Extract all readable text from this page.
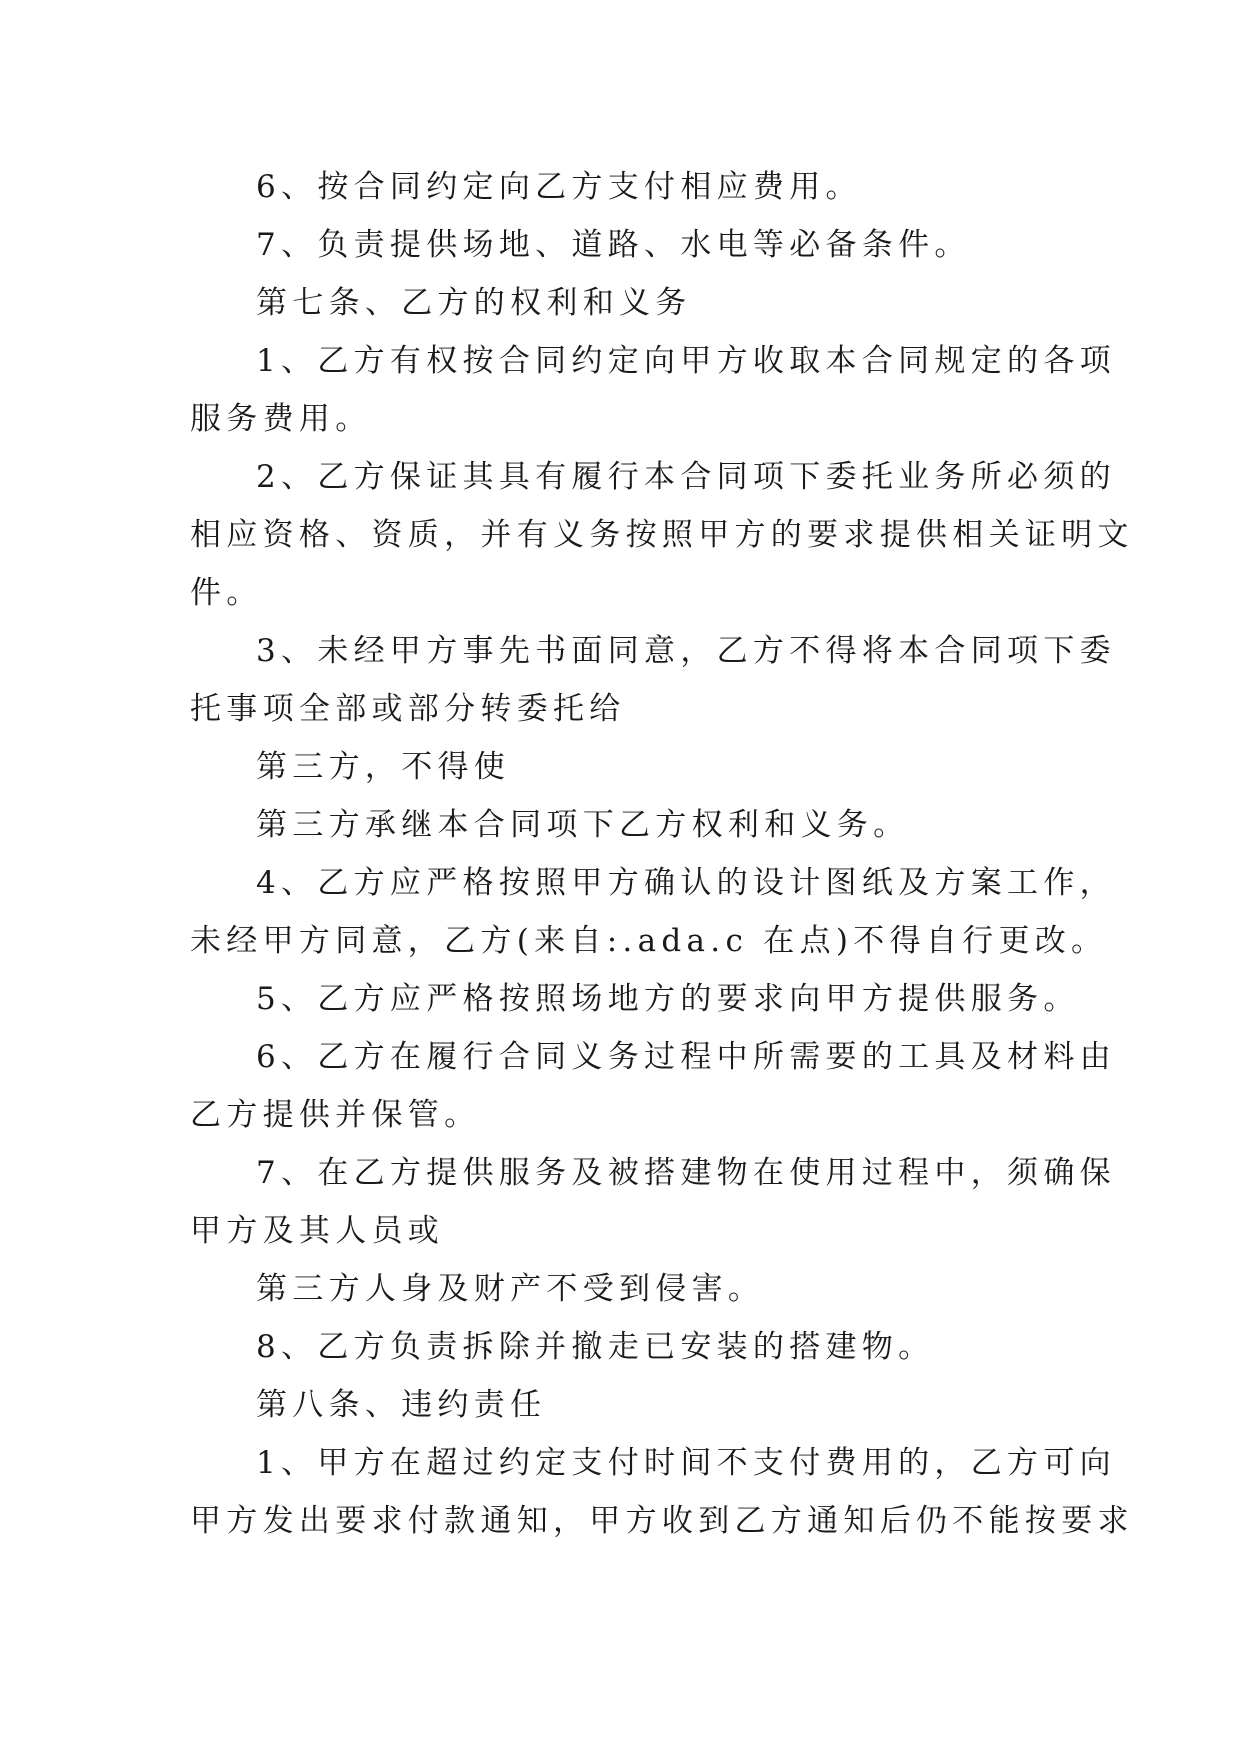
6、按合同约定向乙方支付相应费用。
7、负责提供场地、道路、水电等必备条件。
第七条、乙方的权利和义务
1、乙方有权按合同约定向甲方收取本合同规定的各项
服务费用。
2、乙方保证其具有履行本合同项下委托业务所必须的
相应资格、资质，并有义务按照甲方的要求提供相关证明文
件。
3、未经甲方事先书面同意，乙方不得将本合同项下委
托事项全部或部分转委托给
第三方，不得使
第三方承继本合同项下乙方权利和义务。
4、乙方应严格按照甲方确认的设计图纸及方案工作，
未经甲方同意，乙方(来自:.ada.c 在点)不得自行更改。
5、乙方应严格按照场地方的要求向甲方提供服务。
6、乙方在履行合同义务过程中所需要的工具及材料由
乙方提供并保管。
7、在乙方提供服务及被搭建物在使用过程中，须确保
甲方及其人员或
第三方人身及财产不受到侵害。
8、乙方负责拆除并撤走已安装的搭建物。
第八条、违约责任
1、甲方在超过约定支付时间不支付费用的，乙方可向
甲方发出要求付款通知，甲方收到乙方通知后仍不能按要求
